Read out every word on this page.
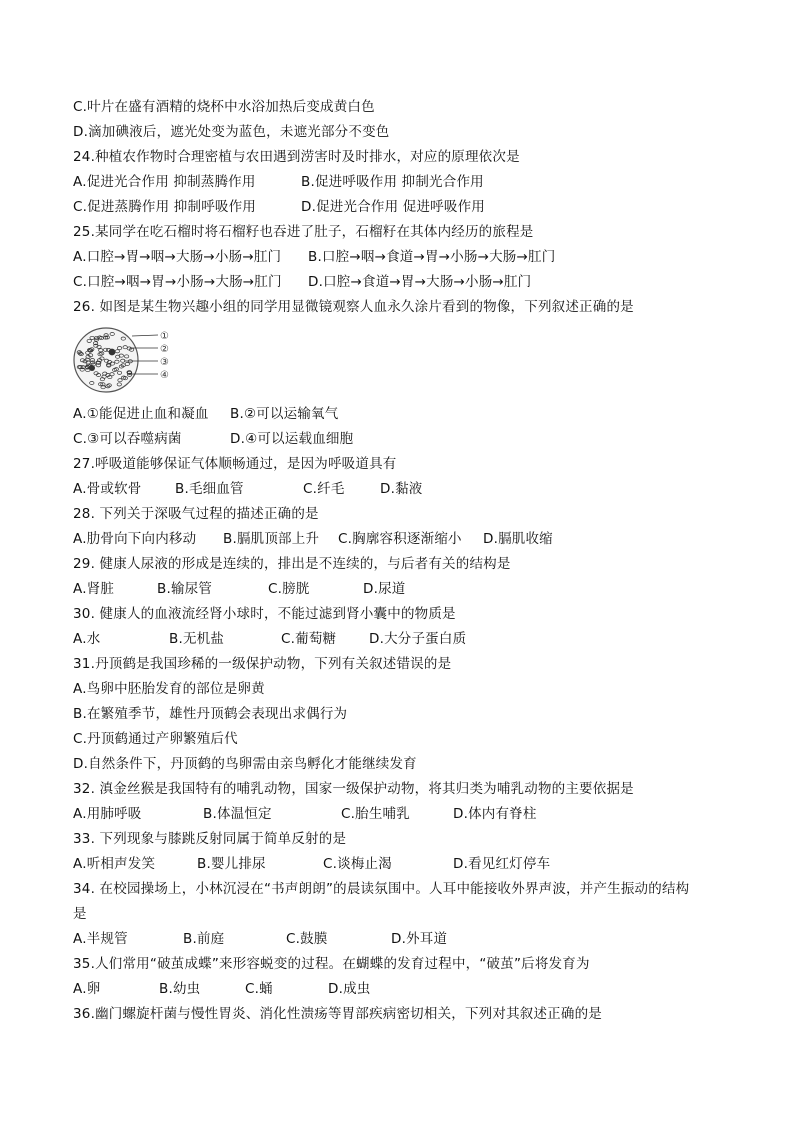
C.叶片在盛有酒精的烧杯中水浴加热后变成黄白色
D.滴加碘液后，遮光处变为蓝色，未遮光部分不变色
24.种植农作物时合理密植与农田遇到涝害时及时排水，对应的原理依次是
A.促进光合作用 抑制蒸腾作用	B.促进呼吸作用 抑制光合作用
C.促进蒸腾作用 抑制呼吸作用	D.促进光合作用 促进呼吸作用
25.某同学在吃石榴时将石榴籽也吞进了肚子，石榴籽在其体内经历的旅程是
A.口腔→胃→咽→大肠→小肠→肛门 B.口腔→咽→食道→胃→小肠→大肠→肛门
C.口腔→咽→胃→小肠→大肠→肛门 D.口腔→食道→胃→大肠→小肠→肛门
26. 如图是某生物兴趣小组的同学用显微镜观察人血永久涂片看到的物像，下列叙述正确的是
①
②
③
④
A.①能促进止血和凝血 B.②可以运输氧气
C.③可以吞噬病菌	D.④可以运载血细胞
27.呼吸道能够保证气体顺畅通过，是因为呼吸道具有
A.骨或软骨 B.毛细血管	C.纤毛	D.黏液
28. 下列关于深吸气过程的描述正确的是
A.肋骨向下向内移动 B.膈肌顶部上升 C.胸廓容积逐渐缩小 D.膈肌收缩
29. 健康人尿液的形成是连续的，排出是不连续的，与后者有关的结构是
A.肾脏	B.输尿管	C.膀胱	D.尿道
30. 健康人的血液流经肾小球时，不能过滤到肾小囊中的物质是
A.水	B.无机盐	C.葡萄糖 D.大分子蛋白质
31.丹顶鹤是我国珍稀的一级保护动物，下列有关叙述错误的是
A.鸟卵中胚胎发育的部位是卵黄
B.在繁殖季节，雄性丹顶鹤会表现出求偶行为
C.丹顶鹤通过产卵繁殖后代
D.自然条件下，丹顶鹤的鸟卵需由亲鸟孵化才能继续发育
32. 滇金丝猴是我国特有的哺乳动物，国家一级保护动物，将其归类为哺乳动物的主要依据是
A.用肺呼吸	B.体温恒定	C.胎生哺乳	D.体内有脊柱
33. 下列现象与膝跳反射同属于简单反射的是
A.听相声发笑	B.婴儿排尿	C.谈梅止渴	D.看见红灯停车
34. 在校园操场上，小林沉浸在“书声朗朗”的晨读氛围中。人耳中能接收外界声波，并产生振动的结构
是
A.半规管	B.前庭	C.鼓膜	D.外耳道
35.人们常用“破茧成蝶”来形容蜕变的过程。在蝴蝶的发育过程中，“破茧”后将发育为
A.卵	B.幼虫	C.蛹	D.成虫
36.幽门螺旋杆菌与慢性胃炎、消化性溃疡等胃部疾病密切相关，下列对其叙述正确的是
